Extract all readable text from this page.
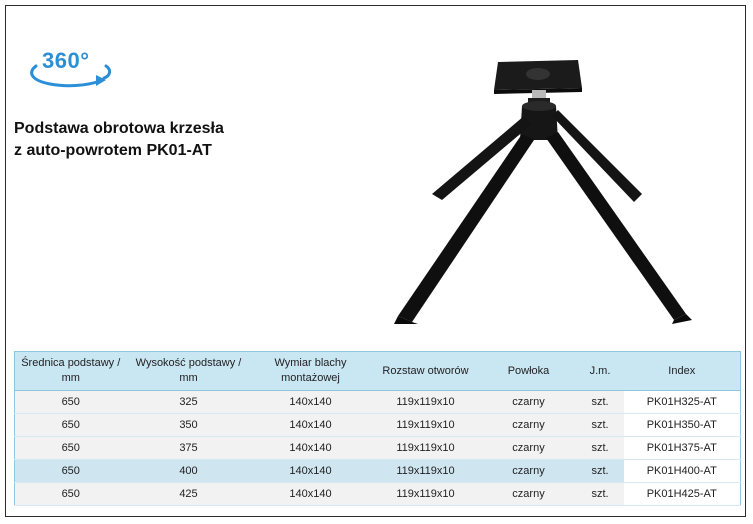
360°
Podstawa obrotowa krzesła
z auto-powrotem PK01-AT
Średnica podstawy / mm	Wysokość podstawy / mm	Wymiar blachy montażowej	Rozstaw otworów	Powłoka	J.m.	Index
650	325	140x140	119x119x10	czarny	szt.	PK01H325-AT
650	350	140x140	119x119x10	czarny	szt.	PK01H350-AT
650	375	140x140	119x119x10	czarny	szt.	PK01H375-AT
650	400	140x140	119x119x10	czarny	szt.	PK01H400-AT
650	425	140x140	119x119x10	czarny	szt.	PK01H425-AT
